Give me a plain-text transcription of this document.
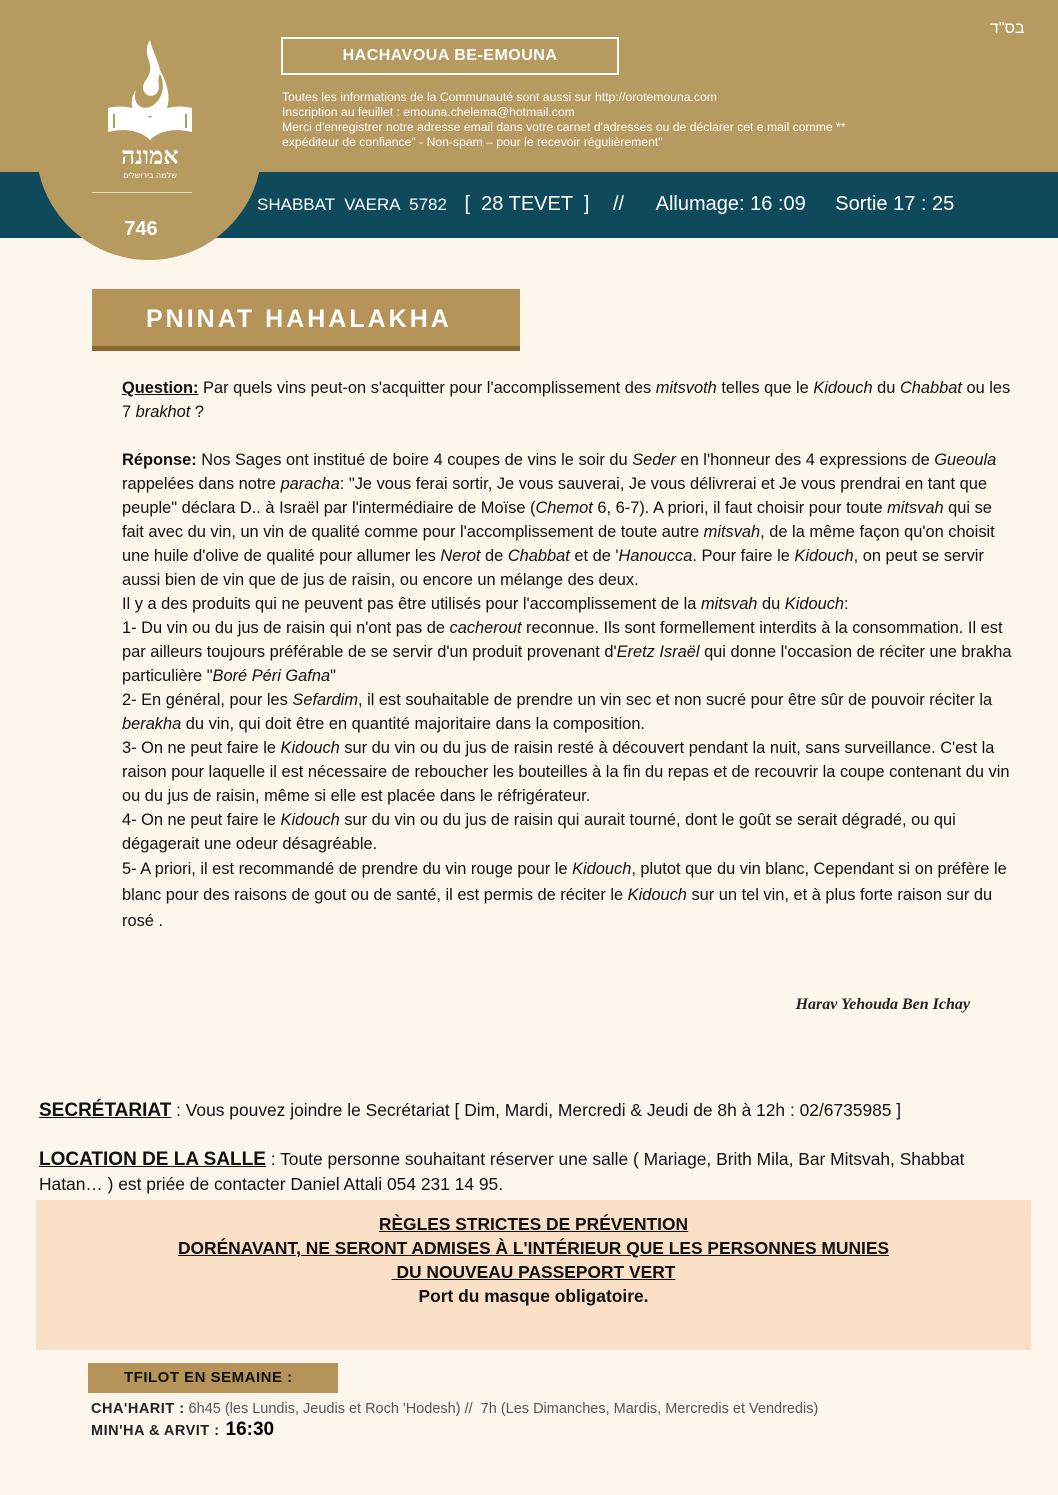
אמונה
שלמה בירושלים
746
בס"ד
HACHAVOUA BE-EMOUNA
Toutes les informations de la Communauté sont aussi sur http://orotemouna.com
Inscription au feuillet : emouna.chelema@hotmail.com
Merci d'enregistrer notre adresse email dans votre carnet d'adresses ou de déclarer cet e.mail comme **
expéditeur de confiance" - Non-spam – pour le recevoir régulièrement"
SHABBAT  VAERA  5782 [  28 TEVET  ] // Allumage: 16 :09 Sortie 17 : 25
PNINAT HAHALAKHA

Question: Par quels vins peut-on s'acquitter pour l'accomplissement des mitsvoth telles que le Kidouch du Chabbat ou les 7 brakhot ?

Réponse: Nos Sages ont institué de boire 4 coupes de vins le soir du Seder en l'honneur des 4 expressions de Gueoula rappelées dans notre paracha: "Je vous ferai sortir, Je vous sauverai, Je vous délivrerai et Je vous prendrai en tant que peuple" déclara D.. à Israël par l'intermédiaire de Moïse (Chemot 6, 6-7). A priori, il faut choisir pour toute mitsvah qui se fait avec du vin, un vin de qualité comme pour l'accomplissement de toute autre mitsvah, de la même façon qu'on choisit une huile d'olive de qualité pour allumer les Nerot de Chabbat et de 'Hanoucca. Pour faire le Kidouch, on peut se servir aussi bien de vin que de jus de raisin, ou encore un mélange des deux.

Il y a des produits qui ne peuvent pas être utilisés pour l'accomplissement de la mitsvah du Kidouch:

1- Du vin ou du jus de raisin qui n'ont pas de cacherout reconnue. Ils sont formellement interdits à la consommation. Il est par ailleurs toujours préférable de se servir d'un produit provenant d'Eretz Israël qui donne l'occasion de réciter une brakha particulière "Boré Péri Gafna"

2- En général, pour les Sefardim, il est souhaitable de prendre un vin sec et non sucré pour être sûr de pouvoir réciter la berakha du vin, qui doit être en quantité majoritaire dans la composition.

3- On ne peut faire le Kidouch sur du vin ou du jus de raisin resté à découvert pendant la nuit, sans surveillance. C'est la raison pour laquelle il est nécessaire de reboucher les bouteilles à la fin du repas et de recouvrir la coupe contenant du vin ou du jus de raisin, même si elle est placée dans le réfrigérateur.

4- On ne peut faire le Kidouch sur du vin ou du jus de raisin qui aurait tourné, dont le goût se serait dégradé, ou qui dégagerait une odeur désagréable.

5- A priori, il est recommandé de prendre du vin rouge pour le Kidouch, plutot que du vin blanc, Cependant si on préfère le blanc pour des raisons de gout ou de santé, il est permis de réciter le Kidouch sur un tel vin, et à plus forte raison sur du rosé .

Harav Yehouda Ben Ichay
SECRÉTARIAT : Vous pouvez joindre le Secrétariat [ Dim, Mardi, Mercredi & Jeudi de 8h à 12h : 02/6735985 ]
LOCATION DE LA SALLE : Toute personne souhaitant réserver une salle ( Mariage, Brith Mila, Bar Mitsvah, Shabbat Hatan… ) est priée de contacter Daniel Attali 054 231 14 95.
RÈGLES STRICTES DE PRÉVENTION
DORÉNAVANT, NE SERONT ADMISES À L'INTÉRIEUR QUE LES PERSONNES MUNIES
DU NOUVEAU PASSEPORT VERT
Port du masque obligatoire.
TFILOT EN SEMAINE :
CHA'HARIT : 6h45 (les Lundis, Jeudis et Roch 'Hodesh) //  7h (Les Dimanches, Mardis, Mercredis et Vendredis)
MIN'HA & ARVIT : 16:30
